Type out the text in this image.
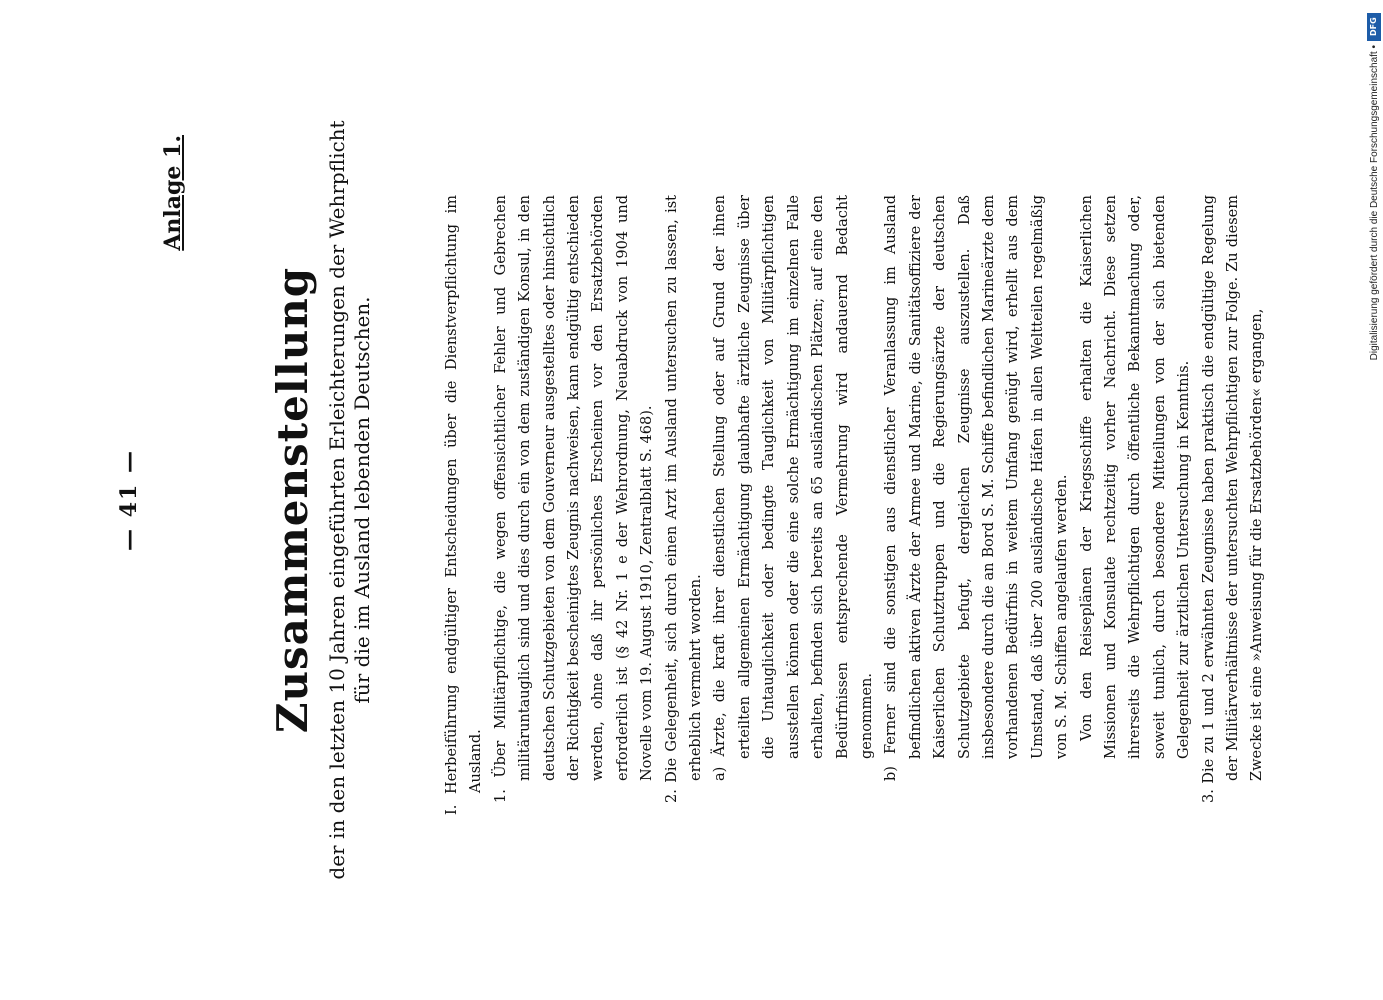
— 41 —
Anlage 1.
Zusammenstellung der in den letzten 10 Jahren eingeführten Erleichterungen der Wehrpflicht für die im Ausland lebenden Deutschen.	I. Herbeiführung endgültiger Entscheidungen über die Dienstverpflichtung im Ausland. 1. Über Militärpflichtige, die wegen offensichtlicher Fehler und Gebrechen militäruntauglich sind und dies durch ein von dem zuständigen Konsul, in den deutschen Schutzgebieten von dem Gouverneur ausgestelltes oder hinsichtlich der Richtigkeit bescheinigtes Zeugnis nachweisen, kann endgültig entschieden werden, ohne daß ihr persönliches Erscheinen vor den Ersatzbehörden erforderlich ist (§ 42 Nr. 1 e der Wehrordnung, Neuabdruck von 1904 und Novelle vom 19. August 1910, Zentralblatt S. 468). 2. Die Gelegenheit, sich durch einen Arzt im Ausland untersuchen zu lassen, ist erheblich vermehrt worden. a) Ärzte, die kraft ihrer dienstlichen Stellung oder auf Grund der ihnen erteilten allgemeinen Ermächtigung glaubhafte ärztliche Zeugnisse über die Untauglichkeit oder bedingte Tauglichkeit von Militärpflichtigen ausstellen können oder die eine solche Ermächtigung im einzelnen Falle erhalten, befinden sich bereits an 65 ausländischen Plätzen; auf eine den Bedürfnissen entsprechende Vermehrung wird andauernd Bedacht genommen. b) Ferner sind die sonstigen aus dienstlicher Veranlassung im Ausland befindlichen aktiven Ärzte der Armee und Marine, die Sanitätsoffiziere der Kaiserlichen Schutztruppen und die Regierungsärzte der deutschen Schutzgebiete befugt, dergleichen Zeugnisse auszustellen. Daß insbesondere durch die an Bord S. M. Schiffe befindlichen Marineärzte dem vorhandenen Bedürfnis in weitem Umfang genügt wird, erhellt aus dem Umstand, daß über 200 ausländische Häfen in allen Weltteilen regelmäßig von S. M. Schiffen angelaufen werden. Von den Reiseplänen der Kriegsschiffe erhalten die Kaiserlichen Missionen und Konsulate rechtzeitig vorher Nachricht. Diese setzen ihrerseits die Wehrpflichtigen durch öffentliche Bekanntmachung oder, soweit tunlich, durch besondere Mitteilungen von der sich bietenden Gelegenheit zur ärztlichen Untersuchung in Kenntnis. 3. Die zu 1 und 2 erwähnten Zeugnisse haben praktisch die endgültige Regelung der Militärverhältnisse der untersuchten Wehrpflichtigen zur Folge. Zu diesem Zwecke ist eine »Anweisung für die Ersatzbehörden« ergangen,

DFG
Digitalisierung gefördert durch die Deutsche Forschungsgemeinschaft •
